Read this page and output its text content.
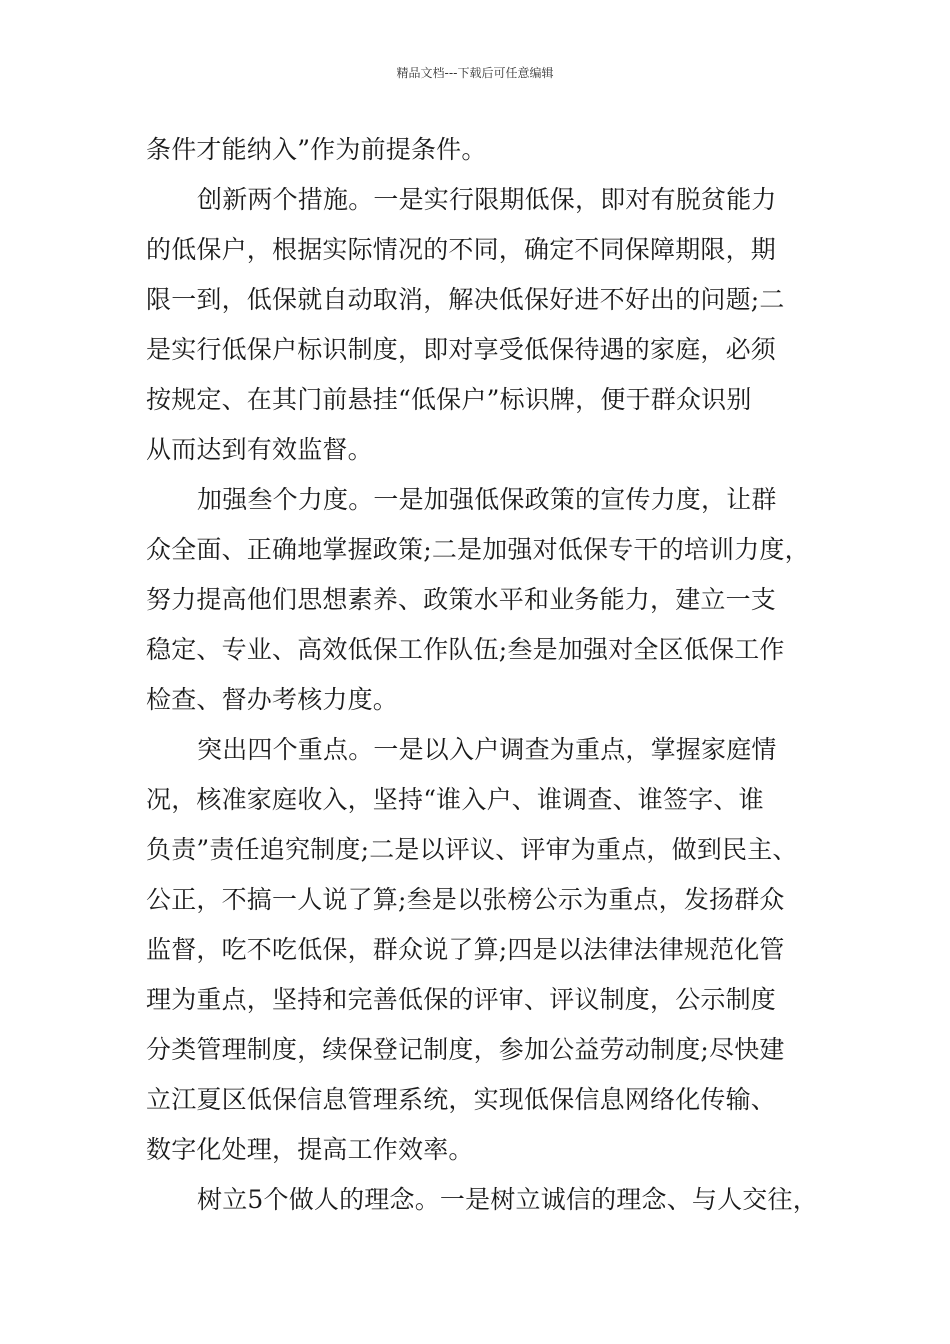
精品文档---下载后可任意编辑
条件才能纳入”作为前提条件。
创新两个措施。一是实行限期低保，即对有脱贫能力
的低保户，根据实际情况的不同，确定不同保障期限，期
限一到，低保就自动取消，解决低保好进不好出的问题;二
是实行低保户标识制度，即对享受低保待遇的家庭，必须
按规定、在其门前悬挂“低保户”标识牌，便于群众识别
从而达到有效监督。
加强叁个力度。一是加强低保政策的宣传力度，让群
众全面、正确地掌握政策;二是加强对低保专干的培训力度，
努力提高他们思想素养、政策水平和业务能力，建立一支
稳定、专业、高效低保工作队伍;叁是加强对全区低保工作
检查、督办考核力度。
突出四个重点。一是以入户调查为重点，掌握家庭情
况，核准家庭收入，坚持“谁入户、谁调查、谁签字、谁
负责”责任追究制度;二是以评议、评审为重点，做到民主、
公正，不搞一人说了算;叁是以张榜公示为重点，发扬群众
监督，吃不吃低保，群众说了算;四是以法律法律规范化管
理为重点，坚持和完善低保的评审、评议制度，公示制度
分类管理制度，续保登记制度，参加公益劳动制度;尽快建
立江夏区低保信息管理系统，实现低保信息网络化传输、
数字化处理，提高工作效率。
树立5个做人的理念。一是树立诚信的理念、与人交往，
